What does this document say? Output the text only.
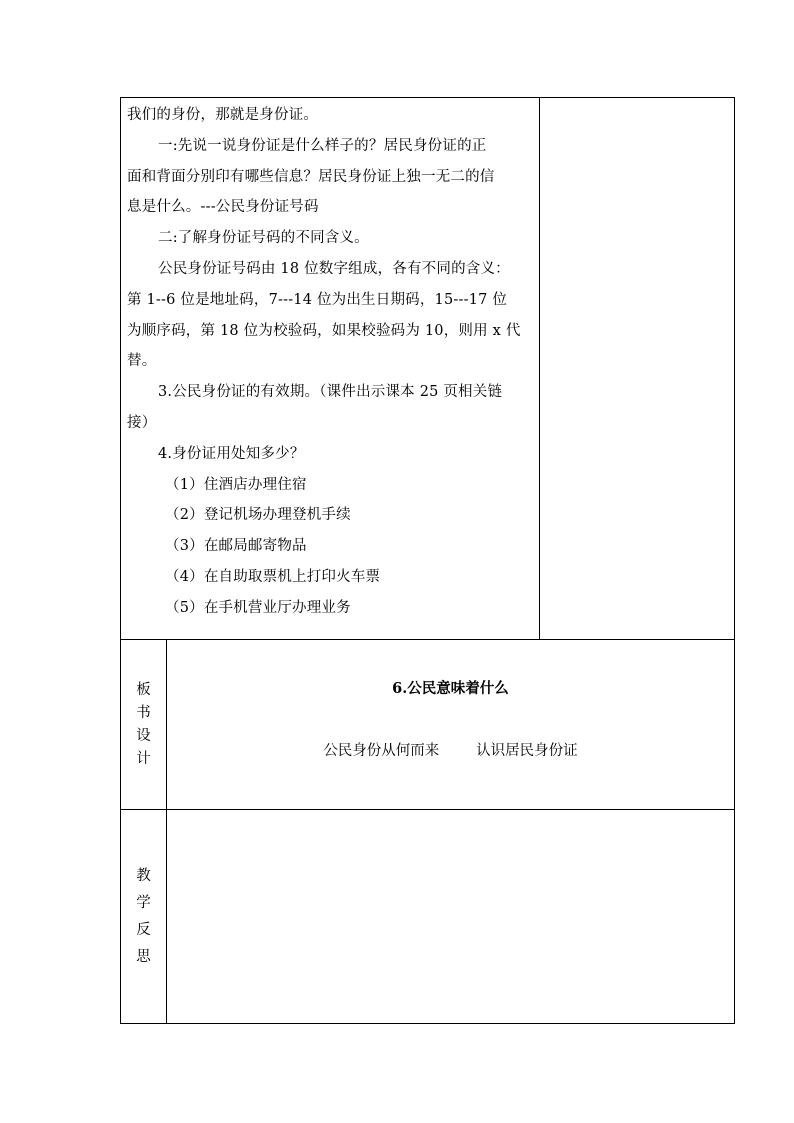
我们的身份，那就是身份证。

一:先说一说身份证是什么样子的？居民身份证的正

面和背面分别印有哪些信息？居民身份证上独一无二的信

息是什么。---公民身份证号码

二:了解身份证号码的不同含义。

公民身份证号码由 18 位数字组成，各有不同的含义：

第 1--6 位是地址码，7---14 位为出生日期码，15---17 位

为顺序码，第 18 位为校验码，如果校验码为 10，则用 x 代

替。

3.公民身份证的有效期。（课件出示课本 25 页相关链

接）

4.身份证用处知多少？

（1）住酒店办理住宿

（2）登记机场办理登机手续

（3）在邮局邮寄物品

（4）在自助取票机上打印火车票

（5）在手机营业厅办理业务

板
书
设
计
6.公民意味着什么
公民身份从何而来        认识居民身份证
教
学
反
思
